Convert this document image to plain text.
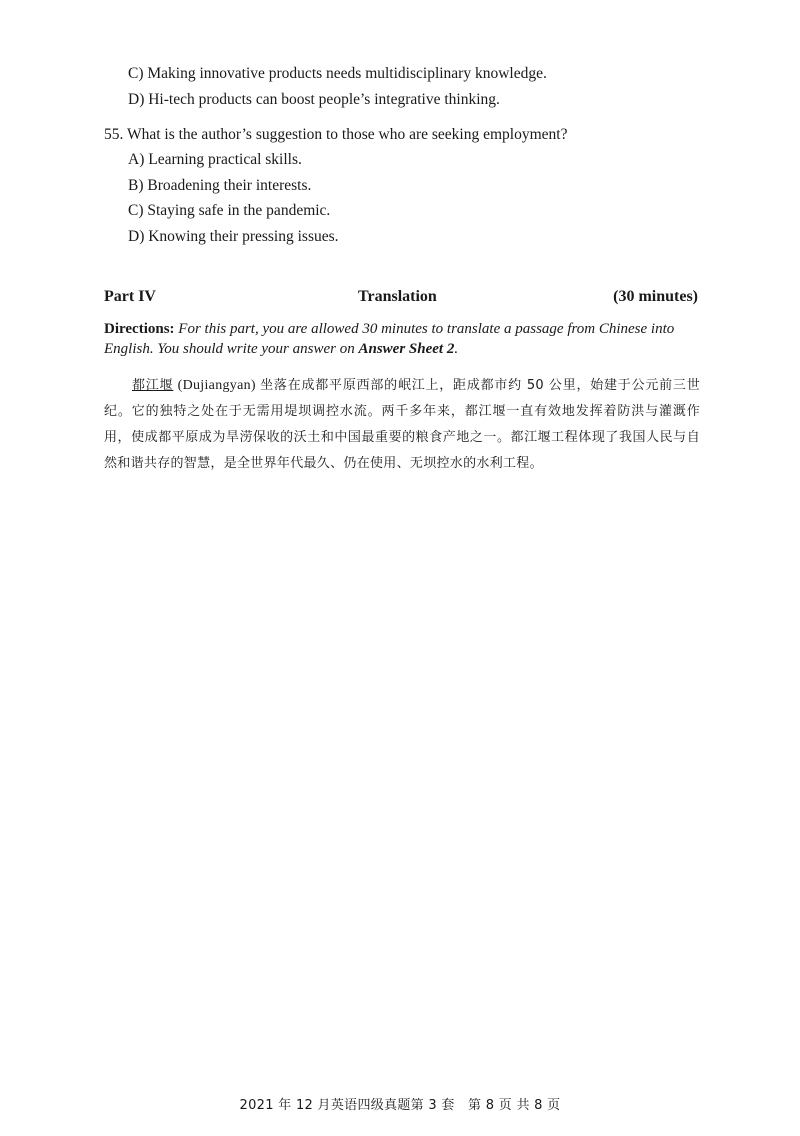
C) Making innovative products needs multidisciplinary knowledge.
D) Hi-tech products can boost people’s integrative thinking.
55. What is the author’s suggestion to those who are seeking employment?
A) Learning practical skills.
B) Broadening their interests.
C) Staying safe in the pandemic.
D) Knowing their pressing issues.
Part IV	Translation	(30 minutes)
Directions: For this part, you are allowed 30 minutes to translate a passage from Chinese into English. You should write your answer on Answer Sheet 2.
都江堰 (Dujiangyan) 坐落在成都平原西部的岷江上，距成都市约 50 公里，始建于公元前三世纪。它的独特之处在于无需用堤坝调控水流。两千多年来，都江堰一直有效地发挥着防洪与灌溉作用，使成都平原成为旱涝保收的沃土和中国最重要的粮食产地之一。都江堰工程体现了我国人民与自然和谐共存的智慧，是全世界年代最久、仍在使用、无坝控水的水利工程。
2021 年 12 月英语四级真题第 3 套　第 8 页 共 8 页
